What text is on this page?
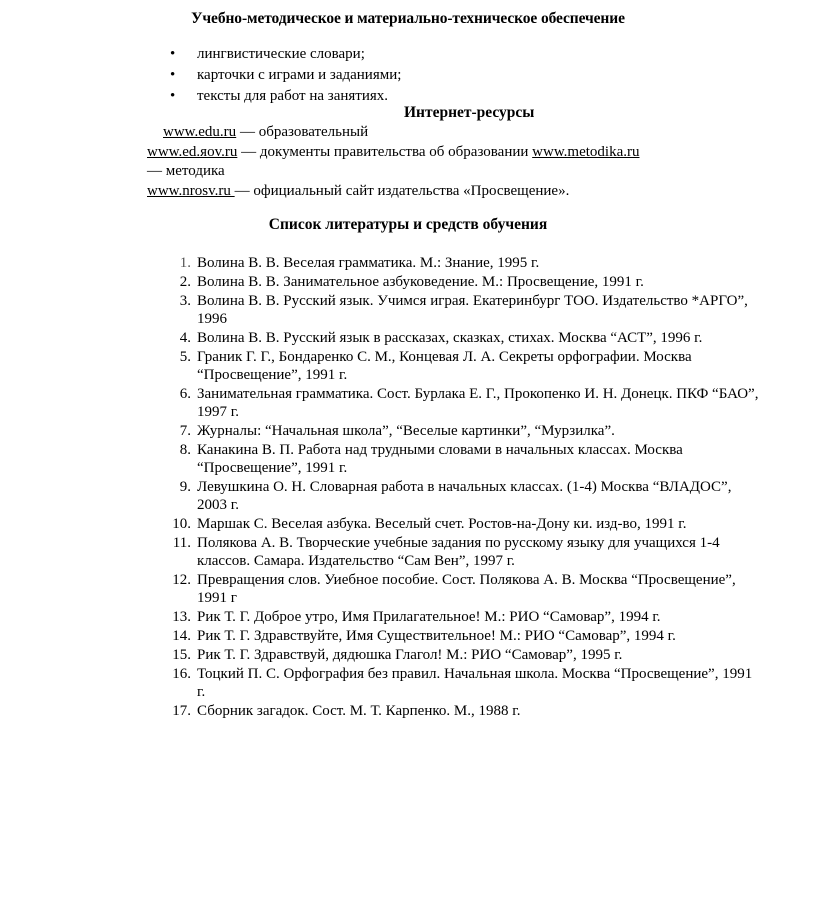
Учебно-методическое и материально-техническое обеспечение
• лингвистические словари;
• карточки с играми и заданиями;
• тексты для работ на занятиях.
Интернет-ресурсы
www.edu.ru — образовательный
www.ed.яov.ru — документы правительства об образовании www.metodika.ru
— методика
www.nrosv.ru — официальный сайт издательства «Просвещение».
Список литературы и средств обучения
1. Волина В. В. Веселая грамматика. М.: Знание, 1995 г.
2. Волина В. В. Занимательное азбуковедение. М.: Просвещение, 1991 г.
3. Волина В. В. Русский язык. Учимся играя. Екатеринбург ТОО. Издательство *АРГО”, 1996
4. Волина В. В. Русский язык в рассказах, сказках, стихах. Москва “АСТ”, 1996 г.
5. Граник Г. Г., Бондаренко С. М., Концевая Л. А. Секреты орфографии. Москва “Просвещение”, 1991 г.
6. Занимательная грамматика. Сост. Бурлака Е. Г., Прокопенко И. Н. Донецк. ПКФ “БАО”, 1997 г.
7. Журналы: “Начальная школа”, “Веселые картинки”, “Мурзилка”.
8. Канакина В. П. Работа над трудными словами в начальных классах. Москва “Просвещение”, 1991 г.
9. Левушкина О. Н. Словарная работа в начальных классах. (1-4) Москва “ВЛАДОС”, 2003 г.
10. Маршак С. Веселая азбука. Веселый счет. Ростов-на-Дону ки. изд-во, 1991 г.
11. Полякова А. В. Творческие учебные задания по русскому языку для учащихся 1-4 классов. Самара. Издательство “Сам Вен”, 1997 г.
12. Превращения слов. Уиебное пособие. Сост. Полякова А. В. Москва “Просвещение”, 1991 г
13. Рик Т. Г. Доброе утро, Имя Прилагательное! М.: РИО “Самовар”, 1994 г.
14. Рик Т. Г. Здравствуйте, Имя Существительное! М.: РИО “Самовар”, 1994 г.
15. Рик Т. Г. Здравствуй, дядюшка Глагол! М.: РИО “Самовар”, 1995 г.
16. Тоцкий П. С. Орфография без правил. Начальная школа. Москва “Просвещение”, 1991 г.
17. Сборник загадок. Сост. М. Т. Карпенко. М., 1988 г.
